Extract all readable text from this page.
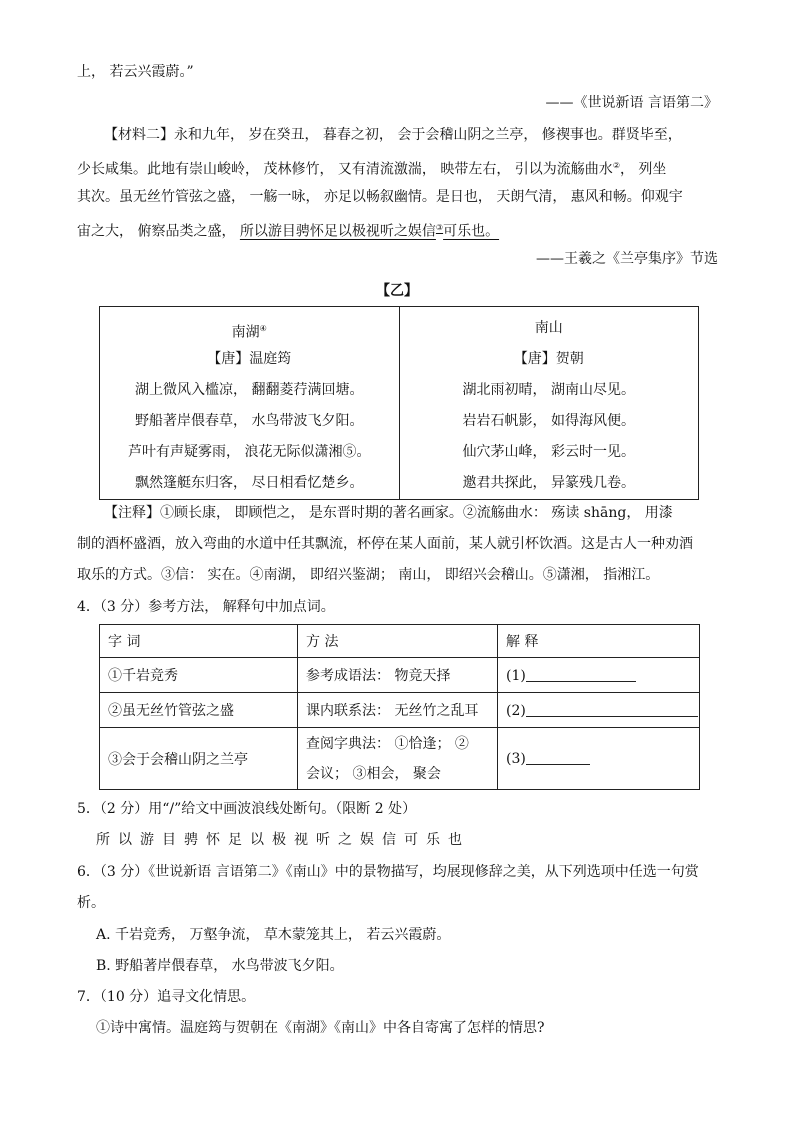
上， 若云兴霞蔚。”
——《世说新语 言语第二》
【材料二】永和九年， 岁在癸丑， 暮春之初， 会于会稽山阴之兰亭， 修禊事也。群贤毕至，
少长咸集。此地有崇山峻岭， 茂林修竹， 又有清流激湍， 映带左右， 引以为流觞曲水②， 列坐
其次。虽无丝竹管弦之盛， 一觞一咏， 亦足以畅叙幽情。是日也， 天朗气清， 惠风和畅。仰观宇
宙之大， 俯察品类之盛， 所以游目骋怀足以极视听之娱信③可乐也。
——王羲之《兰亭集序》节选
【乙】
南湖④
【唐】温庭筠
湖上微风入槛凉， 翻翻菱荇满回塘。
野船著岸偎春草， 水鸟带波飞夕阳。
芦叶有声疑雾雨， 浪花无际似潇湘⑤。
飘然篷艇东归客， 尽日相看忆楚乡。

南山
【唐】贺朝
湖北雨初晴， 湖南山尽见。
岩岩石帆影， 如得海风便。
仙穴茅山峰， 彩云时一见。
邀君共探此， 异篆残几卷。
【注释】①顾长康， 即顾恺之， 是东晋时期的著名画家。②流觞曲水： 殇读 shāng， 用漆
制的酒杯盛酒，放入弯曲的水道中任其飘流，杯停在某人面前，某人就引杯饮酒。这是古人一种劝酒
取乐的方式。③信： 实在。④南湖， 即绍兴鉴湖； 南山， 即绍兴会稽山。⑤潇湘， 指湘江。
4．（3 分）参考方法， 解释句中加点词。
字 词	方 法	解 释
①千岩竞秀	参考成语法： 物竞天择	(1)
②虽无丝竹管弦之盛	课内联系法： 无丝竹之乱耳	(2)
③会于会稽山阴之兰亭	查阅字典法： ①恰逢； ②
会议； ③相会， 聚会	(3)
5．（2 分）用“/”给文中画波浪线处断句。（限断 2 处）
所以游目骋怀足以极视听之娱信可乐也
6．（3 分）《世说新语 言语第二》《南山》中的景物描写，均展现修辞之美，从下列选项中任选一句赏
析。
A. 千岩竞秀， 万壑争流， 草木蒙笼其上， 若云兴霞蔚。
B. 野船著岸偎春草， 水鸟带波飞夕阳。
7．（10 分）追寻文化情思。
①诗中寓情。温庭筠与贺朝在《南湖》《南山》中各自寄寓了怎样的情思?
